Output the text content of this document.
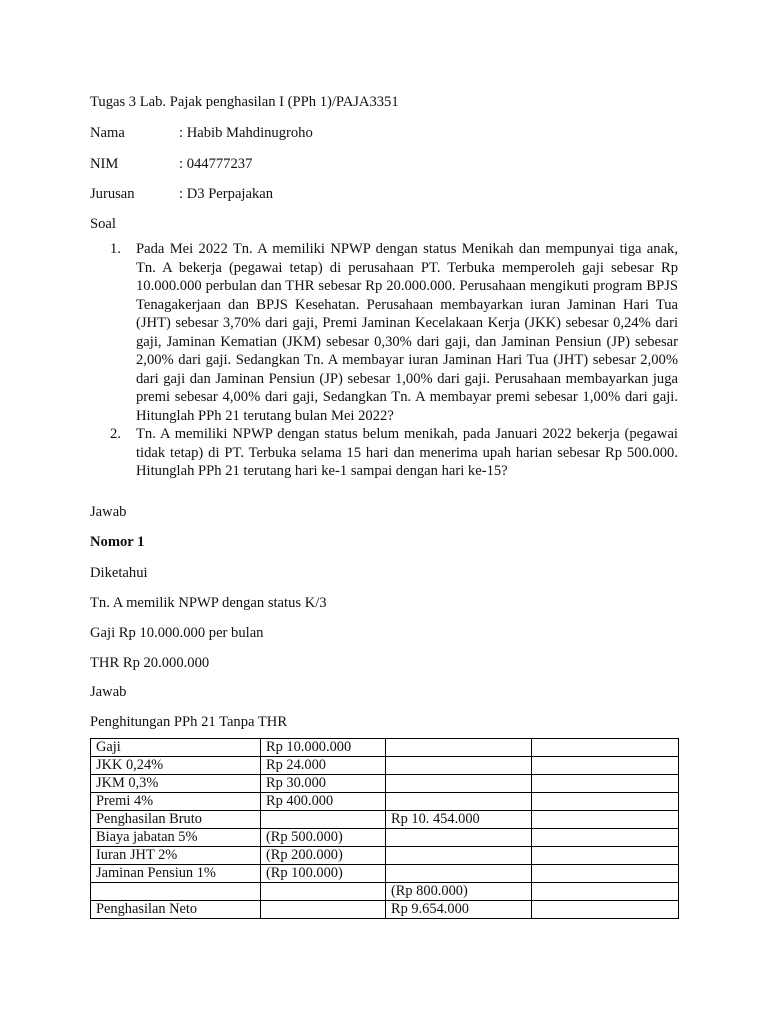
Tugas 3 Lab. Pajak penghasilan I (PPh 1)/PAJA3351
Nama	: Habib Mahdinugroho
NIM	: 044777237
Jurusan	: D3 Perpajakan
Soal
1. Pada Mei 2022 Tn. A memiliki NPWP dengan status Menikah dan mempunyai tiga anak, Tn. A bekerja (pegawai tetap) di perusahaan PT. Terbuka memperoleh gaji sebesar Rp 10.000.000 perbulan dan THR sebesar Rp 20.000.000. Perusahaan mengikuti program BPJS Tenagakerjaan dan BPJS Kesehatan. Perusahaan membayarkan iuran Jaminan Hari Tua (JHT) sebesar 3,70% dari gaji, Premi Jaminan Kecelakaan Kerja (JKK) sebesar 0,24% dari gaji, Jaminan Kematian (JKM) sebesar 0,30% dari gaji, dan Jaminan Pensiun (JP) sebesar 2,00% dari gaji. Sedangkan Tn. A membayar iuran Jaminan Hari Tua (JHT) sebesar 2,00% dari gaji dan Jaminan Pensiun (JP) sebesar 1,00% dari gaji. Perusahaan membayarkan juga premi sebesar 4,00% dari gaji, Sedangkan Tn. A membayar premi sebesar 1,00% dari gaji. Hitunglah PPh 21 terutang bulan Mei 2022?
2. Tn. A memiliki NPWP dengan status belum menikah, pada Januari 2022 bekerja (pegawai tidak tetap) di PT. Terbuka selama 15 hari dan menerima upah harian sebesar Rp 500.000. Hitunglah PPh 21 terutang hari ke-1 sampai dengan hari ke-15?
Jawab
Nomor 1
Diketahui
Tn. A memilik NPWP dengan status K/3
Gaji Rp 10.000.000 per bulan
THR Rp 20.000.000
Jawab
Penghitungan PPh 21 Tanpa THR
Gaji	Rp 10.000.000		
JKK 0,24%	Rp 24.000		
JKM 0,3%	Rp 30.000		
Premi 4%	Rp 400.000		
Penghasilan Bruto		Rp 10. 454.000	
Biaya jabatan 5%	(Rp 500.000)		
Iuran JHT 2%	(Rp 200.000)		
Jaminan Pensiun 1%	(Rp 100.000)		
		(Rp 800.000)	
Penghasilan Neto		Rp 9.654.000	
